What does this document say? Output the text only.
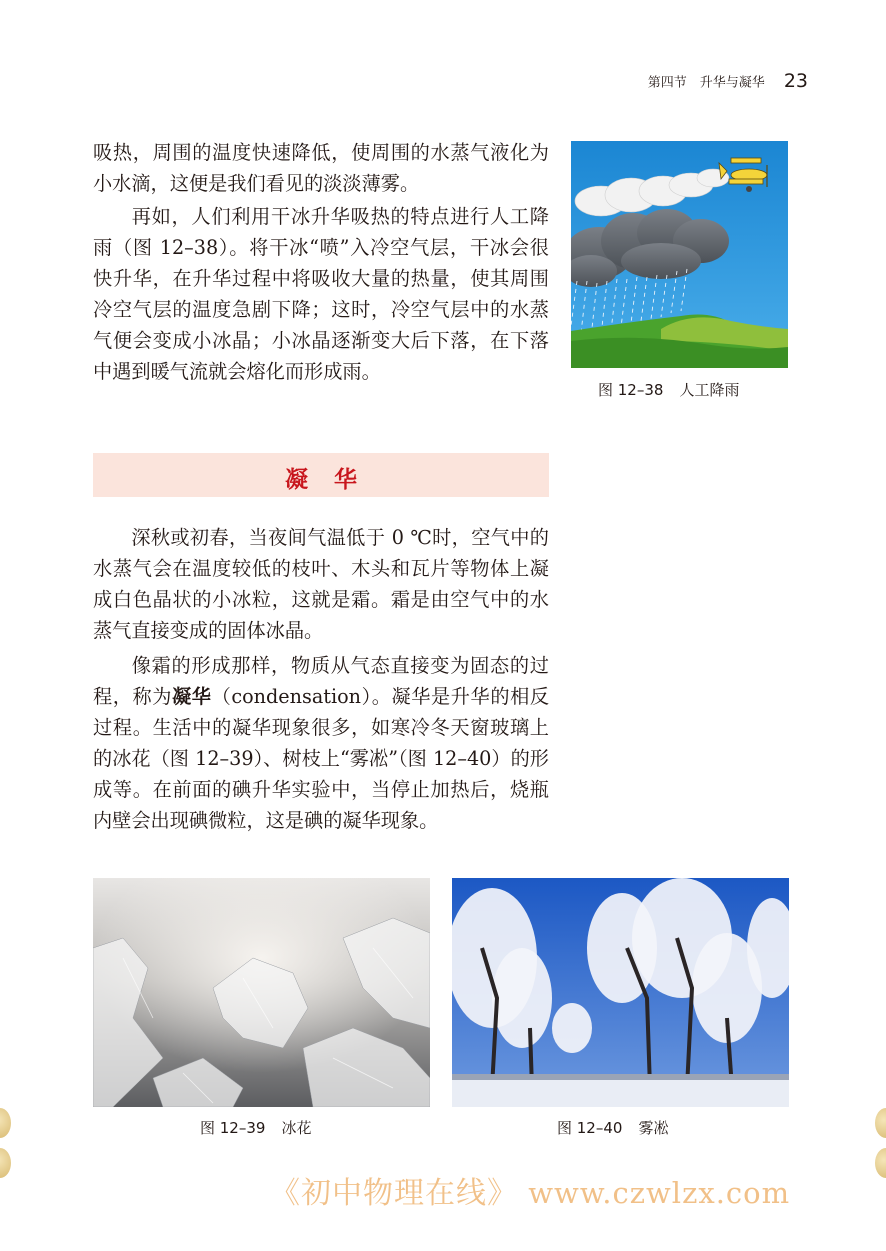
第四节　升华与凝华 23

吸热，周围的温度快速降低，使周围的水蒸气液化为小水滴，这便是我们看见的淡淡薄雾。

再如，人们利用干冰升华吸热的特点进行人工降雨（图 12–38）。将干冰“喷”入冷空气层，干冰会很快升华，在升华过程中将吸收大量的热量，使其周围冷空气层的温度急剧下降；这时，冷空气层中的水蒸气便会变成小冰晶；小冰晶逐渐变大后下落，在下落中遇到暖气流就会熔化而形成雨。

图 12–38 人工降雨
凝华

深秋或初春，当夜间气温低于 0 ℃时，空气中的水蒸气会在温度较低的枝叶、木头和瓦片等物体上凝成白色晶状的小冰粒，这就是霜。霜是由空气中的水蒸气直接变成的固体冰晶。

像霜的形成那样，物质从气态直接变为固态的过程，称为凝华（condensation）。凝华是升华的相反过程。生活中的凝华现象很多，如寒冷冬天窗玻璃上的冰花（图 12–39）、树枝上“雾凇”（图 12–40）的形成等。在前面的碘升华实验中，当停止加热后，烧瓶内壁会出现碘微粒，这是碘的凝华现象。

图 12–39 冰花	图 12–40 雾凇
《初中物理在线》 www.czwlzx.com
